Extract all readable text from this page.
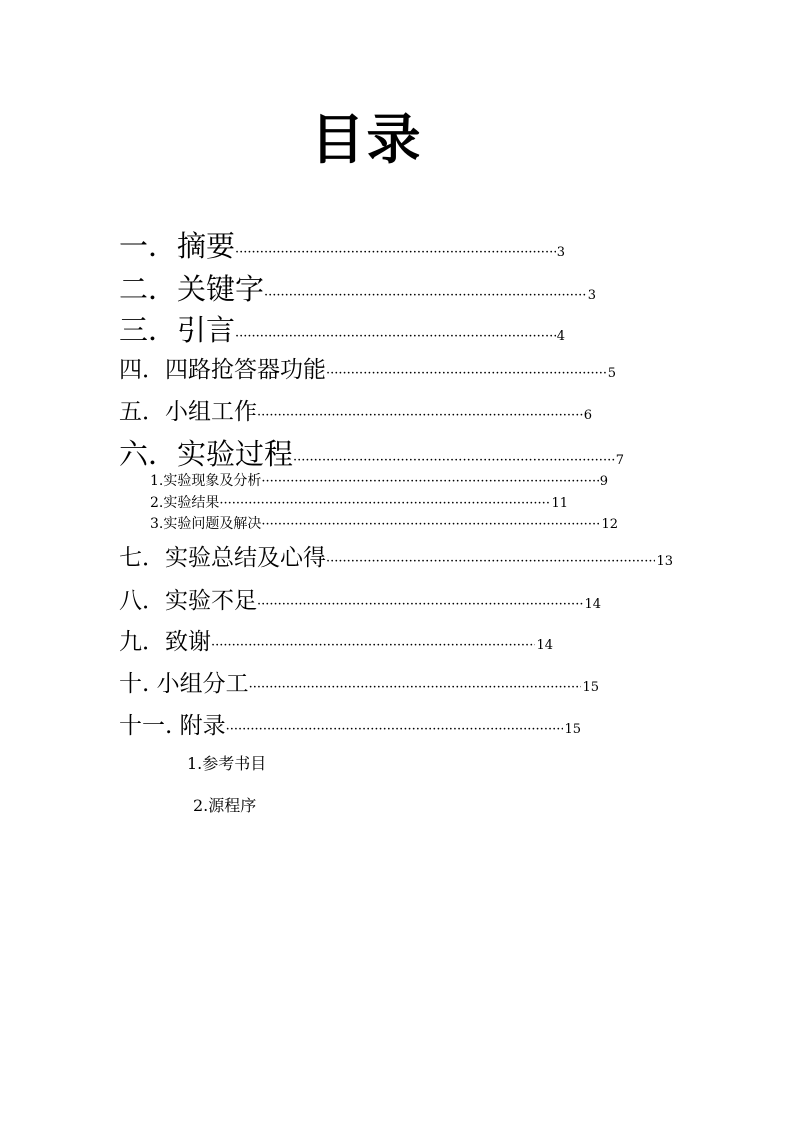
目录
一．摘要 ·····	3
二．关键字 ·····	3
三．引言 ·····	4
四．四路抢答器功能 ·····	5
五．小组工作 ·····	6
六．实验过程 ·····	7
1.实验现象及分析 ·····	9
2.实验结果 ·····	11
3.实验问题及解决 ·····	12
七．实验总结及心得 ·····	13
八．实验不足 ·····	14
九．致谢 ·····	14
十. 小组分工 ·····	15
十一. 附录 ·····	15
1.参考书目
2.源程序
